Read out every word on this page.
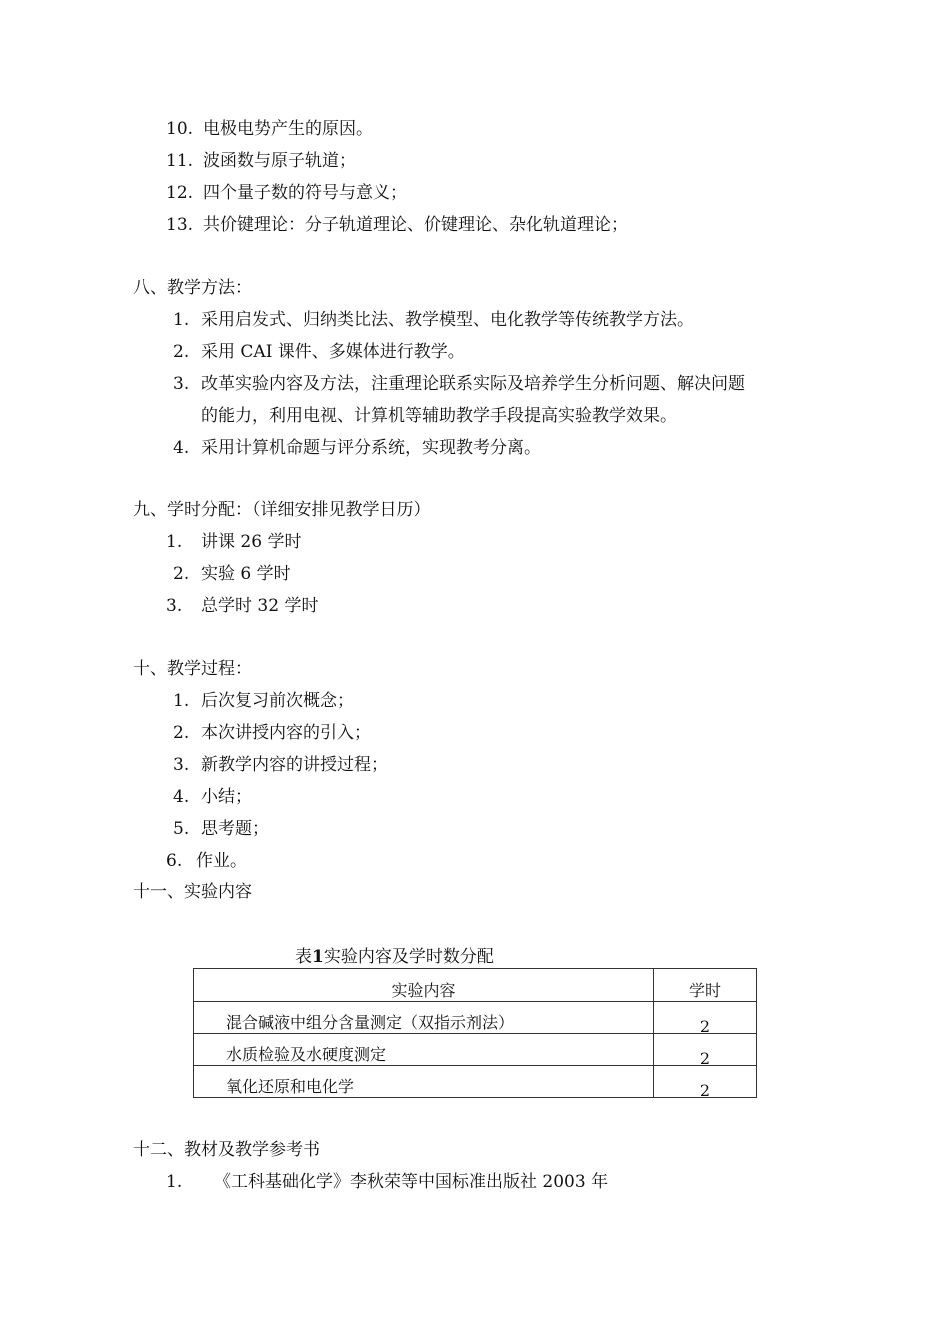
10. 电极电势产生的原因。
11. 波函数与原子轨道；
12. 四个量子数的符号与意义；
13. 共价键理论：分子轨道理论、价键理论、杂化轨道理论；
八、教学方法：
1. 采用启发式、归纳类比法、教学模型、电化教学等传统教学方法。
2. 采用 CAI 课件、多媒体进行教学。
3. 改革实验内容及方法，注重理论联系实际及培养学生分析问题、解决问题
的能力，利用电视、计算机等辅助教学手段提高实验教学效果。
4. 采用计算机命题与评分系统，实现教考分离。
九、学时分配：（详细安排见教学日历）
1. 讲课 26 学时
2. 实验 6 学时
3. 总学时 32 学时
十、教学过程：
1. 后次复习前次概念；
2. 本次讲授内容的引入；
3. 新教学内容的讲授过程；
4. 小结；
5. 思考题；
6. 作业。
十一、实验内容
表1实验内容及学时数分配
实验内容	学时
混合碱液中组分含量测定（双指示剂法）	2
水质检验及水硬度测定	2
氧化还原和电化学	2
十二、教材及教学参考书
1. 《工科基础化学》李秋荣等中国标准出版社 2003 年
